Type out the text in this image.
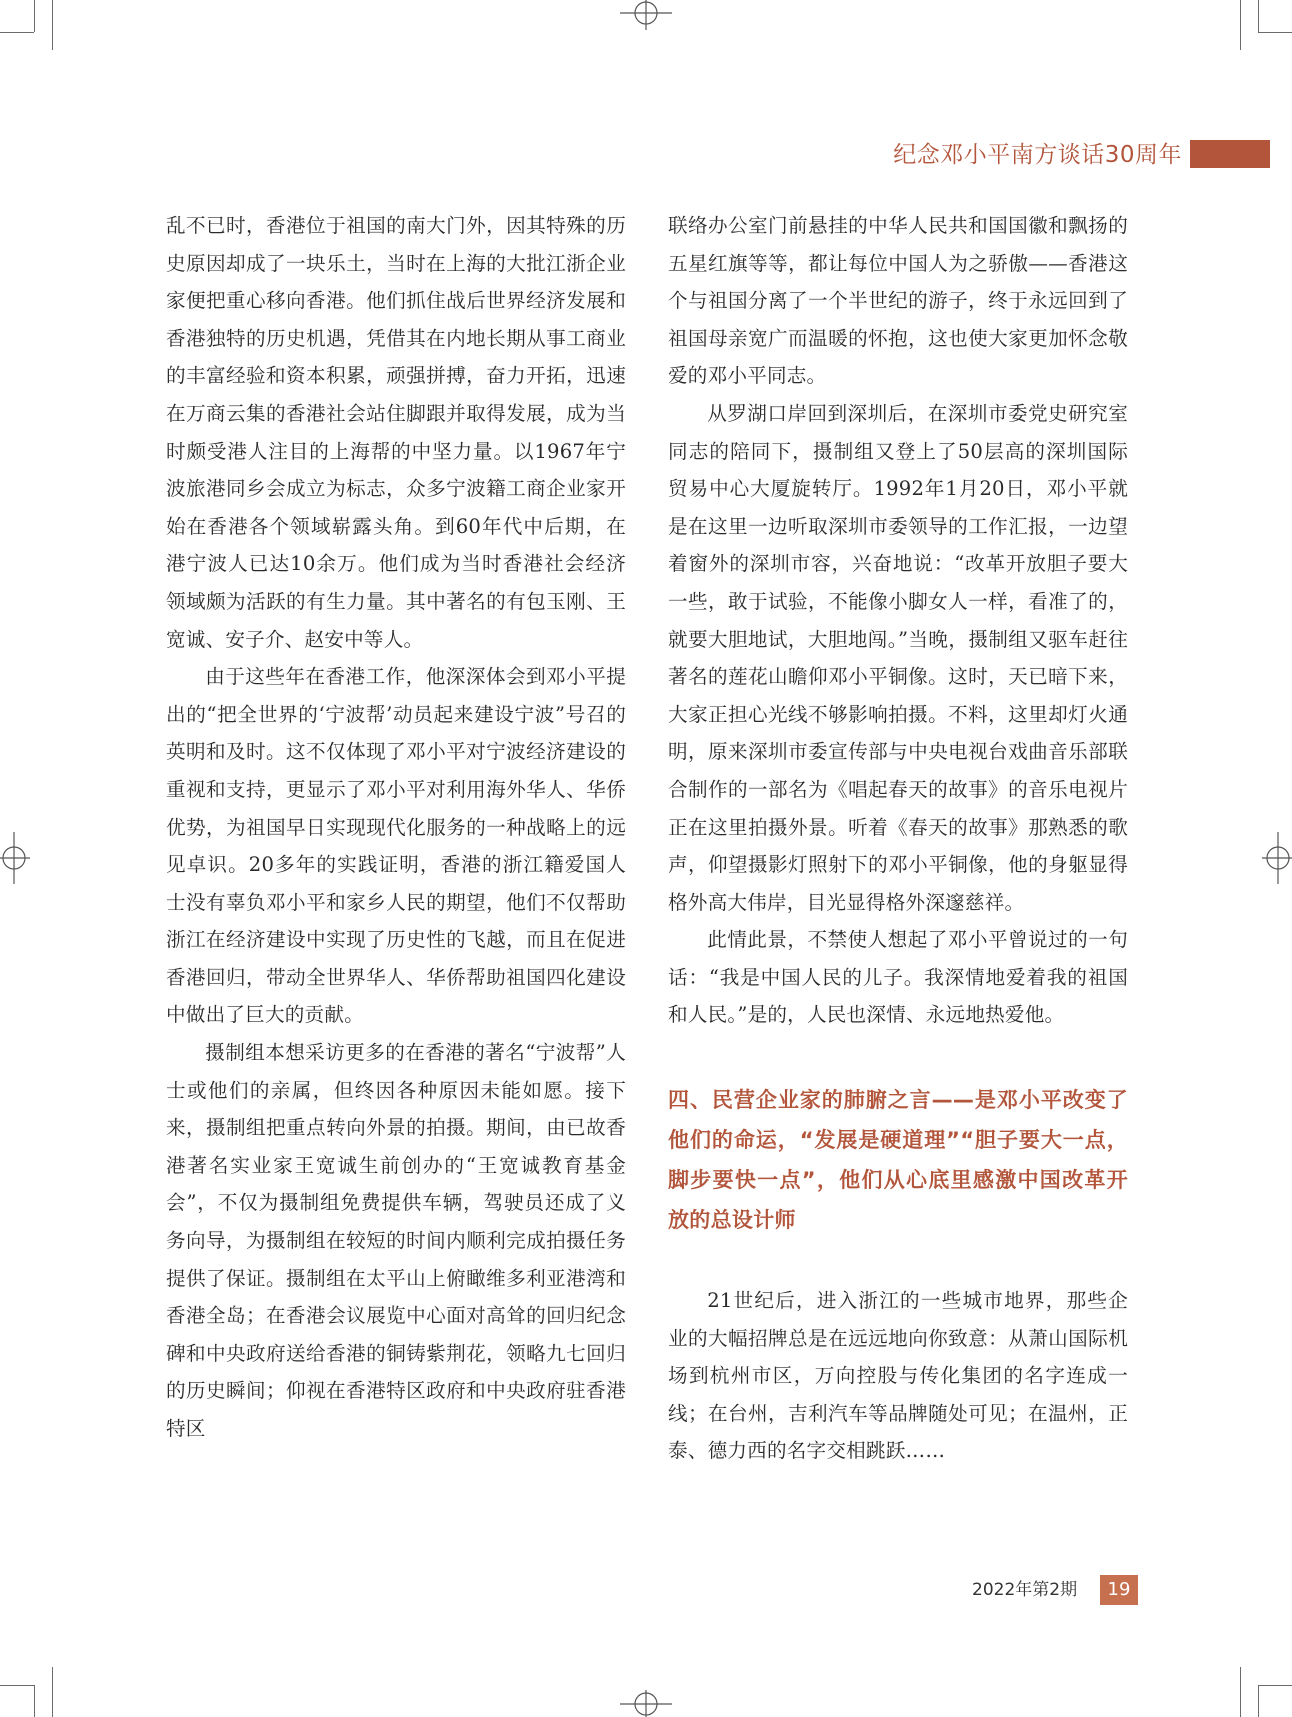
纪念邓小平南方谈话30周年

乱不已时，香港位于祖国的南大门外，因其特殊的历史原因却成了一块乐土，当时在上海的大批江浙企业家便把重心移向香港。他们抓住战后世界经济发展和香港独特的历史机遇，凭借其在内地长期从事工商业的丰富经验和资本积累，顽强拼搏，奋力开拓，迅速在万商云集的香港社会站住脚跟并取得发展，成为当时颇受港人注目的上海帮的中坚力量。以1967年宁波旅港同乡会成立为标志，众多宁波籍工商企业家开始在香港各个领域崭露头角。到60年代中后期，在港宁波人已达10余万。他们成为当时香港社会经济领域颇为活跃的有生力量。其中著名的有包玉刚、王宽诚、安子介、赵安中等人。

由于这些年在香港工作，他深深体会到邓小平提出的“把全世界的‘宁波帮’动员起来建设宁波”号召的英明和及时。这不仅体现了邓小平对宁波经济建设的重视和支持，更显示了邓小平对利用海外华人、华侨优势，为祖国早日实现现代化服务的一种战略上的远见卓识。20多年的实践证明，香港的浙江籍爱国人士没有辜负邓小平和家乡人民的期望，他们不仅帮助浙江在经济建设中实现了历史性的飞越，而且在促进香港回归，带动全世界华人、华侨帮助祖国四化建设中做出了巨大的贡献。

摄制组本想采访更多的在香港的著名“宁波帮”人士或他们的亲属，但终因各种原因未能如愿。接下来，摄制组把重点转向外景的拍摄。期间，由已故香港著名实业家王宽诚生前创办的“王宽诚教育基金会”，不仅为摄制组免费提供车辆，驾驶员还成了义务向导，为摄制组在较短的时间内顺利完成拍摄任务提供了保证。摄制组在太平山上俯瞰维多利亚港湾和香港全岛；在香港会议展览中心面对高耸的回归纪念碑和中央政府送给香港的铜铸紫荆花，领略九七回归的历史瞬间；仰视在香港特区政府和中央政府驻香港特区

联络办公室门前悬挂的中华人民共和国国徽和飘扬的五星红旗等等，都让每位中国人为之骄傲——香港这个与祖国分离了一个半世纪的游子，终于永远回到了祖国母亲宽广而温暖的怀抱，这也使大家更加怀念敬爱的邓小平同志。

从罗湖口岸回到深圳后，在深圳市委党史研究室同志的陪同下，摄制组又登上了50层高的深圳国际贸易中心大厦旋转厅。1992年1月20日，邓小平就是在这里一边听取深圳市委领导的工作汇报，一边望着窗外的深圳市容，兴奋地说：“改革开放胆子要大一些，敢于试验，不能像小脚女人一样，看准了的，就要大胆地试，大胆地闯。”当晚，摄制组又驱车赶往著名的莲花山瞻仰邓小平铜像。这时，天已暗下来，大家正担心光线不够影响拍摄。不料，这里却灯火通明，原来深圳市委宣传部与中央电视台戏曲音乐部联合制作的一部名为《唱起春天的故事》的音乐电视片正在这里拍摄外景。听着《春天的故事》那熟悉的歌声，仰望摄影灯照射下的邓小平铜像，他的身躯显得格外高大伟岸，目光显得格外深邃慈祥。

此情此景，不禁使人想起了邓小平曾说过的一句话：“我是中国人民的儿子。我深情地爱着我的祖国和人民。”是的，人民也深情、永远地热爱他。

四、民营企业家的肺腑之言——是邓小平改变了他们的命运，“发展是硬道理”“胆子要大一点，脚步要快一点”，他们从心底里感激中国改革开放的总设计师

21世纪后，进入浙江的一些城市地界，那些企业的大幅招牌总是在远远地向你致意：从萧山国际机场到杭州市区，万向控股与传化集团的名字连成一线；在台州，吉利汽车等品牌随处可见；在温州，正泰、德力西的名字交相跳跃……

2022年第2期	19
